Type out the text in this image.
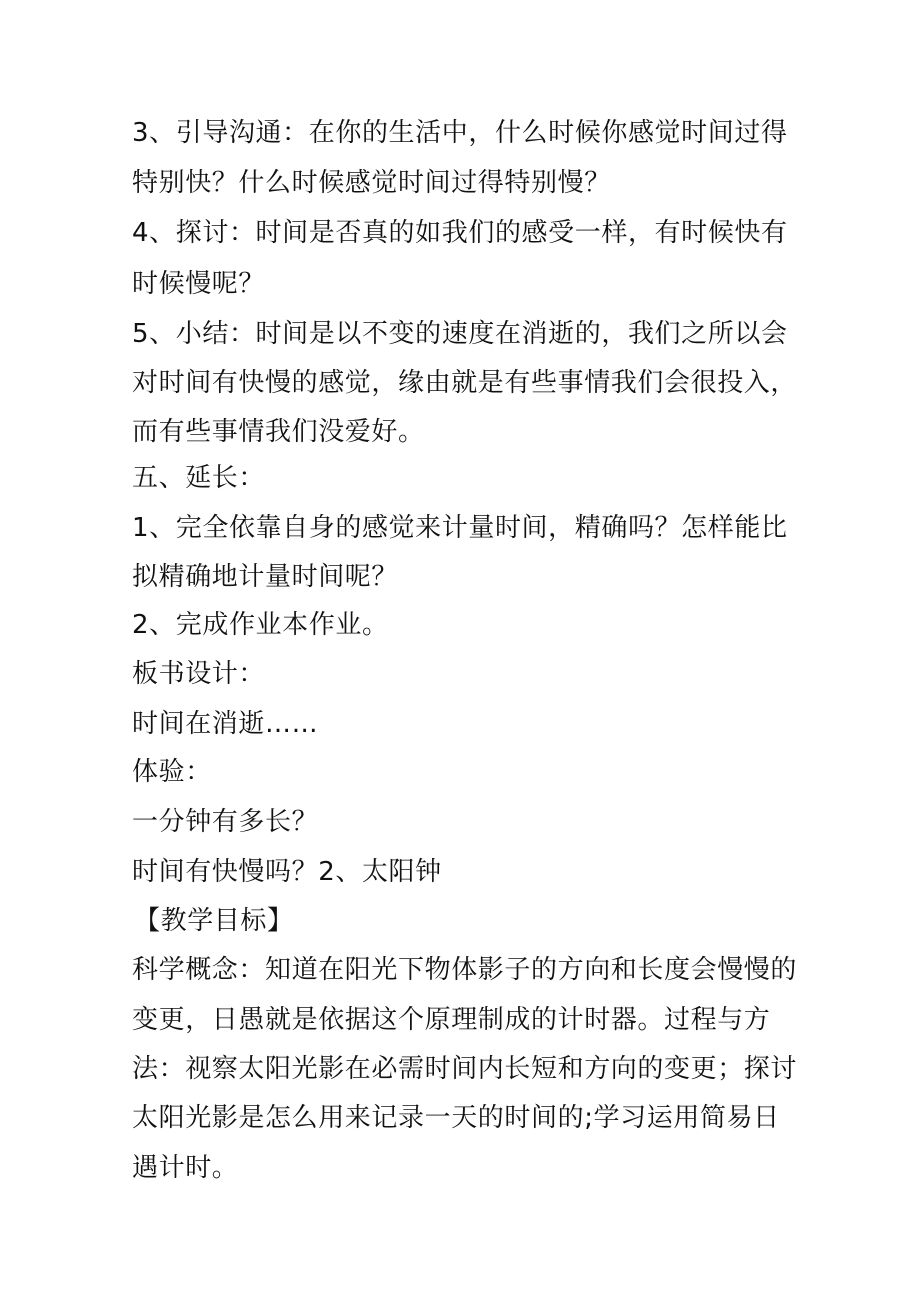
3、引导沟通：在你的生活中，什么时候你感觉时间过得
特别快？什么时候感觉时间过得特别慢？
4、探讨：时间是否真的如我们的感受一样，有时候快有
时候慢呢？
5、小结：时间是以不变的速度在消逝的，我们之所以会
对时间有快慢的感觉，缘由就是有些事情我们会很投入，
而有些事情我们没爱好。
五、延长：
1、完全依靠自身的感觉来计量时间，精确吗？怎样能比
拟精确地计量时间呢？
2、完成作业本作业。
板书设计：
时间在消逝……
体验：
一分钟有多长？
时间有快慢吗？2、太阳钟
【教学目标】
科学概念：知道在阳光下物体影子的方向和长度会慢慢的
变更，日愚就是依据这个原理制成的计时器。过程与方
法：视察太阳光影在必需时间内长短和方向的变更；探讨
太阳光影是怎么用来记录一天的时间的;学习运用简易日
遇计时。
